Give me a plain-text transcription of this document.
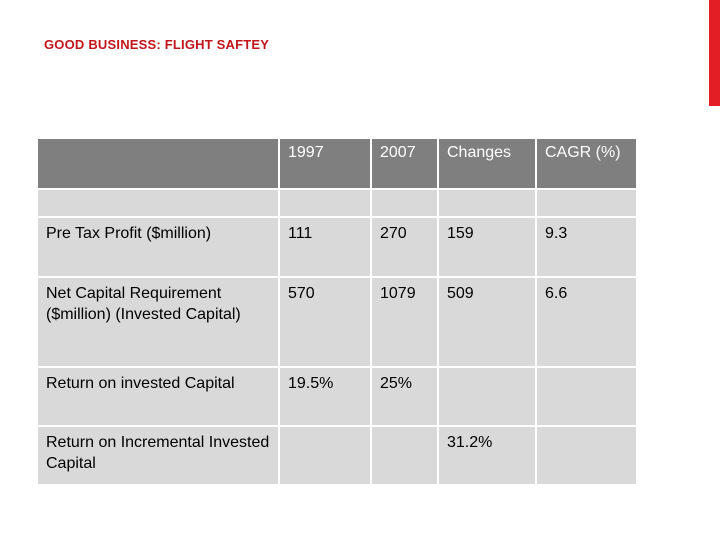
GOOD BUSINESS: FLIGHT SAFTEY
	1997	2007	Changes	CAGR (%)

Pre Tax Profit ($million)	111	270	159	9.3
Net Capital Requirement ($million) (Invested Capital)	570	1079	509	6.6
Return on invested Capital	19.5%	25%		
Return on Incremental Invested Capital			31.2%	
